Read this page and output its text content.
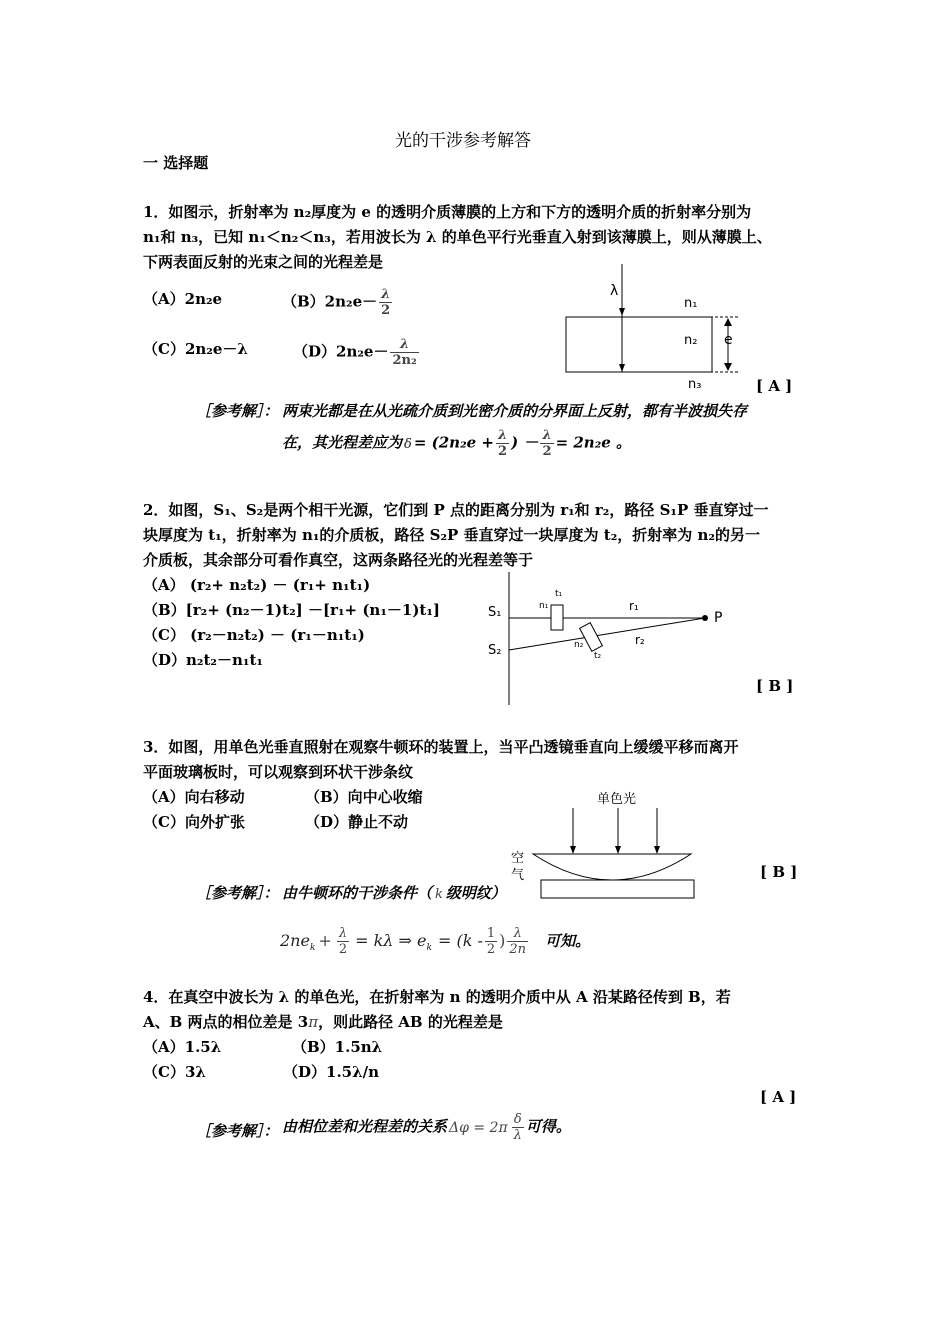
光的干涉参考解答
一 选择题
1．如图示，折射率为 n₂厚度为 e 的透明介质薄膜的上方和下方的透明介质的折射率分别为
n₁和 n₃，已知 n₁＜n₂＜n₃，若用波长为 λ 的单色平行光垂直入射到该薄膜上，则从薄膜上、
下两表面反射的光束之间的光程差是
（A）2n₂e	$(B)2n_2e- \frac{\lambda}{2}$
（C）2n₂e－λ	$(D)2n_2e- \frac{\lambda}{\text{2n₂}}$
λ
n₁
n₂
n₃
e
[ A ]
［参考解］： 两束光都是在从光疏介质到光密介质的分界面上反射，都有半波损失存
在，其光程差应为 $\delta = (2n_2e + \frac{\lambda}{2}$ ) － $\frac{\lambda}{2} = 2n_2e$ 。
2．如图，S₁、S₂是两个相干光源，它们到 P 点的距离分别为 r₁和 r₂，路径 S₁P 垂直穿过一
块厚度为 t₁，折射率为 n₁的介质板，路径 S₂P 垂直穿过一块厚度为 t₂，折射率为 n₂的另一
介质板，其余部分可看作真空，这两条路径光的光程差等于
（A） (r₂+ n₂t₂) － (r₁+ n₁t₁)
（B）[r₂+ (n₂－1)t₂] －[r₁+ (n₁－1)t₁]
（C） (r₂－n₂t₂) － (r₁－n₁t₁)
（D）n₂t₂－n₁t₁
S₁
S₂
P
t₁
n₁	r₁
n₂
t₂
r₂
[ B ]
3．如图，用单色光垂直照射在观察牛顿环的装置上，当平凸透镜垂直向上缓缓平移而离开
平面玻璃板时，可以观察到环状干涉条纹
（A）向右移动	（B）向中心收缩
（C）向外扩张	（D）静止不动
单色光
空
气	[ B ]
［参考解］： 由牛顿环的干涉条件（ k 级明纹）
$2ne_k + \frac{\lambda}{2} = k\lambda$ ⇒ $e_k = (k - \frac{1}{2}$ ) $\frac{\lambda}{2n}$ 可知。
4．在真空中波长为 λ 的单色光，在折射率为 n 的透明介质中从 A 沿某路径传到 B，若
A、B 两点的相位差是 3π，则此路径 AB 的光程差是
（A）1.5λ	（B）1.5nλ
（C）3λ	（D）1.5λ/n
[ A ]
［参考解］： 由相位差和光程差的关系 $\Delta\varphi = 2\pi \frac{\delta}{\lambda}$ 可得。
